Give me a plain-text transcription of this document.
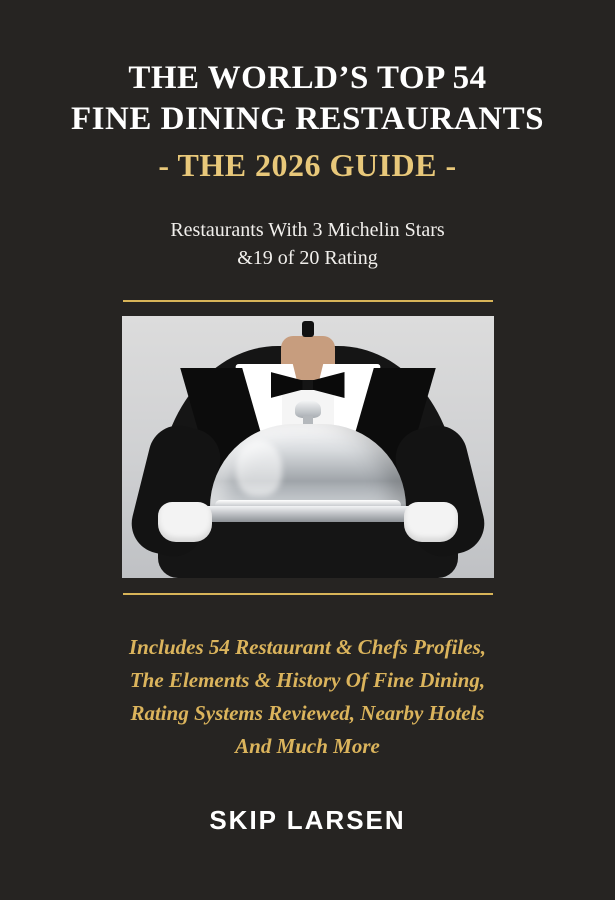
THE WORLD’S TOP 54
FINE DINING RESTAURANTS
- THE 2026 GUIDE -
Restaurants With 3 Michelin Stars
&19 of 20 Rating
Includes 54 Restaurant & Chefs Profiles,
The Elements & History Of Fine Dining,
Rating Systems Reviewed, Nearby Hotels
And Much More
SKIP LARSEN
